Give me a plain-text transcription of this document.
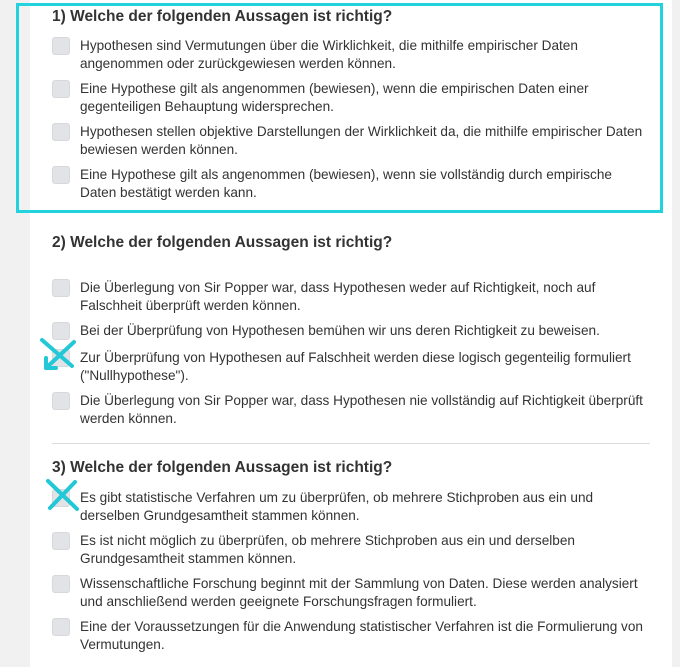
1) Welche der folgenden Aussagen ist richtig?
Hypothesen sind Vermutungen über die Wirklichkeit, die mithilfe empirischer Daten angenommen oder zurückgewiesen werden können.
Eine Hypothese gilt als angenommen (bewiesen), wenn die empirischen Daten einer gegenteiligen Behauptung widersprechen.
Hypothesen stellen objektive Darstellungen der Wirklichkeit da, die mithilfe empirischer Daten bewiesen werden können.
Eine Hypothese gilt als angenommen (bewiesen), wenn sie vollständig durch empirische Daten bestätigt werden kann.
2) Welche der folgenden Aussagen ist richtig?
Die Überlegung von Sir Popper war, dass Hypothesen weder auf Richtigkeit, noch auf Falschheit überprüft werden können.
Bei der Überprüfung von Hypothesen bemühen wir uns deren Richtigkeit zu beweisen.
Zur Überprüfung von Hypothesen auf Falschheit werden diese logisch gegenteilig formuliert ("Nullhypothese").
Die Überlegung von Sir Popper war, dass Hypothesen nie vollständig auf Richtigkeit überprüft werden können.
3) Welche der folgenden Aussagen ist richtig?
Es gibt statistische Verfahren um zu überprüfen, ob mehrere Stichproben aus ein und derselben Grundgesamtheit stammen können.
Es ist nicht möglich zu überprüfen, ob mehrere Stichproben aus ein und derselben Grundgesamtheit stammen können.
Wissenschaftliche Forschung beginnt mit der Sammlung von Daten. Diese werden analysiert und anschließend werden geeignete Forschungsfragen formuliert.
Eine der Voraussetzungen für die Anwendung statistischer Verfahren ist die Formulierung von Vermutungen.
